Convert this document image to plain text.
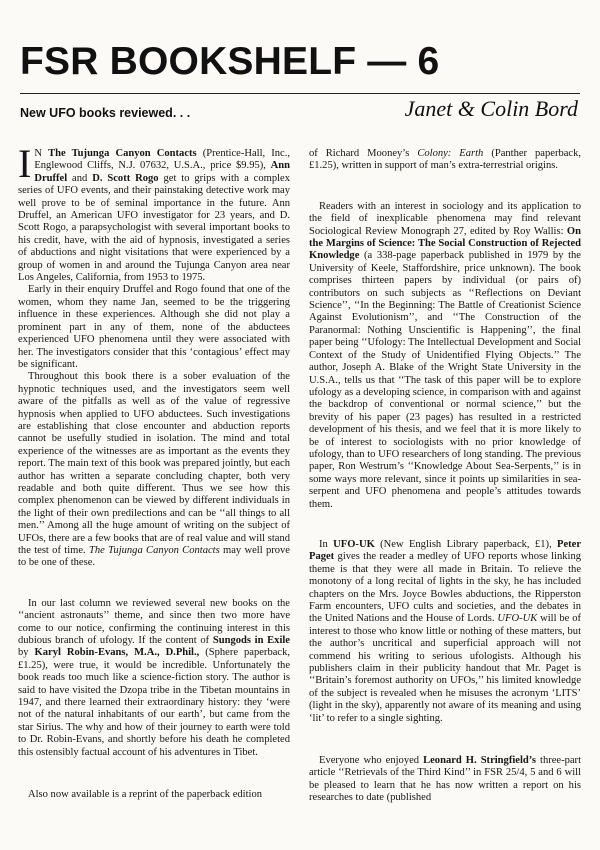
FSR BOOKSHELF — 6
New UFO books reviewed. . .	Janet & Colin Bord

I N The Tujunga Canyon Contacts (Prentice-Hall, Inc., Englewood Cliffs, N.J. 07632, U.S.A., price $9.95), Ann Druffel and D. Scott Rogo get to grips with a complex series of UFO events, and their painstaking detective work may well prove to be of seminal importance in the future. Ann Druffel, an American UFO investigator for 23 years, and D. Scott Rogo, a parapsychologist with several important books to his credit, have, with the aid of hypnosis, investigated a series of abductions and night visitations that were experienced by a group of women in and around the Tujunga Canyon area near Los Angeles, California, from 1953 to 1975.

Early in their enquiry Druffel and Rogo found that one of the women, whom they name Jan, seemed to be the triggering influence in these experiences. Although she did not play a prominent part in any of them, none of the abductees experienced UFO phenomena until they were associated with her. The investigators consider that this ‘contagious’ effect may be significant.

Throughout this book there is a sober evaluation of the hypnotic techniques used, and the investigators seem well aware of the pitfalls as well as of the value of regressive hypnosis when applied to UFO abductees. Such investigations are establishing that close encounter and abduction reports cannot be usefully studied in isolation. The mind and total experience of the witnesses are as important as the events they report. The main text of this book was prepared jointly, but each author has written a separate concluding chapter, both very readable and both quite different. Thus we see how this complex phenomenon can be viewed by different individuals in the light of their own predilections and can be ‘‘all things to all men.’’ Among all the huge amount of writing on the subject of UFOs, there are a few books that are of real value and will stand the test of time. The Tujunga Canyon Contacts may well prove to be one of these.

In our last column we reviewed several new books on the ‘‘ancient astronauts’’ theme, and since then two more have come to our notice, confirming the continuing interest in this dubious branch of ufology. If the content of Sungods in Exile by Karyl Robin-Evans, M.A., D.Phil., (Sphere paperback, £1.25), were true, it would be incredible. Unfortunately the book reads too much like a science-fiction story. The author is said to have visited the Dzopa tribe in the Tibetan mountains in 1947, and there learned their extraordinary history: they ‘were not of the natural inhabitants of our earth’, but came from the star Sirius. The why and how of their journey to earth were told to Dr. Robin-Evans, and shortly before his death he completed this ostensibly factual account of his adventures in Tibet.

Also now available is a reprint of the paperback edition

of Richard Mooney’s Colony: Earth (Panther paperback, £1.25), written in support of man’s extra-terrestrial origins.

Readers with an interest in sociology and its application to the field of inexplicable phenomena may find relevant Sociological Review Monograph 27, edited by Roy Wallis: On the Margins of Science: The Social Construction of Rejected Knowledge (a 338-page paperback published in 1979 by the University of Keele, Staffordshire, price unknown). The book comprises thirteen papers by individual (or pairs of) contributors on such subjects as ‘‘Reflections on Deviant Science’’, ‘‘In the Beginning: The Battle of Creationist Science Against Evolutionism’’, and ‘‘The Construction of the Paranormal: Nothing Unscientific is Happening’’, the final paper being ‘‘Ufology: The Intellectual Development and Social Context of the Study of Unidentified Flying Objects.’’ The author, Joseph A. Blake of the Wright State University in the U.S.A., tells us that ‘‘The task of this paper will be to explore ufology as a developing science, in comparison with and against the backdrop of conventional or normal science,’’ but the brevity of his paper (23 pages) has resulted in a restricted development of his thesis, and we feel that it is more likely to be of interest to sociologists with no prior knowledge of ufology, than to UFO researchers of long standing. The previous paper, Ron Westrum’s ‘‘Knowledge About Sea-Serpents,’’ is in some ways more relevant, since it points up similarities in sea-serpent and UFO phenomena and people’s attitudes towards them.

In UFO-UK (New English Library paperback, £1), Peter Paget gives the reader a medley of UFO reports whose linking theme is that they were all made in Britain. To relieve the monotony of a long recital of lights in the sky, he has included chapters on the Mrs. Joyce Bowles abductions, the Ripperston Farm encounters, UFO cults and societies, and the debates in the United Nations and the House of Lords. UFO-UK will be of interest to those who know little or nothing of these matters, but the author’s uncritical and superficial approach will not commend his writing to serious ufologists. Although his publishers claim in their publicity handout that Mr. Paget is ‘‘Britain’s foremost authority on UFOs,’’ his limited knowledge of the subject is revealed when he misuses the acronym ‘LITS’ (light in the sky), apparently not aware of its meaning and using ‘lit’ to refer to a single sighting.

Everyone who enjoyed Leonard H. Stringfield’s three-part article ‘‘Retrievals of the Third Kind’’ in FSR 25/4, 5 and 6 will be pleased to learn that he has now written a report on his researches to date (published
